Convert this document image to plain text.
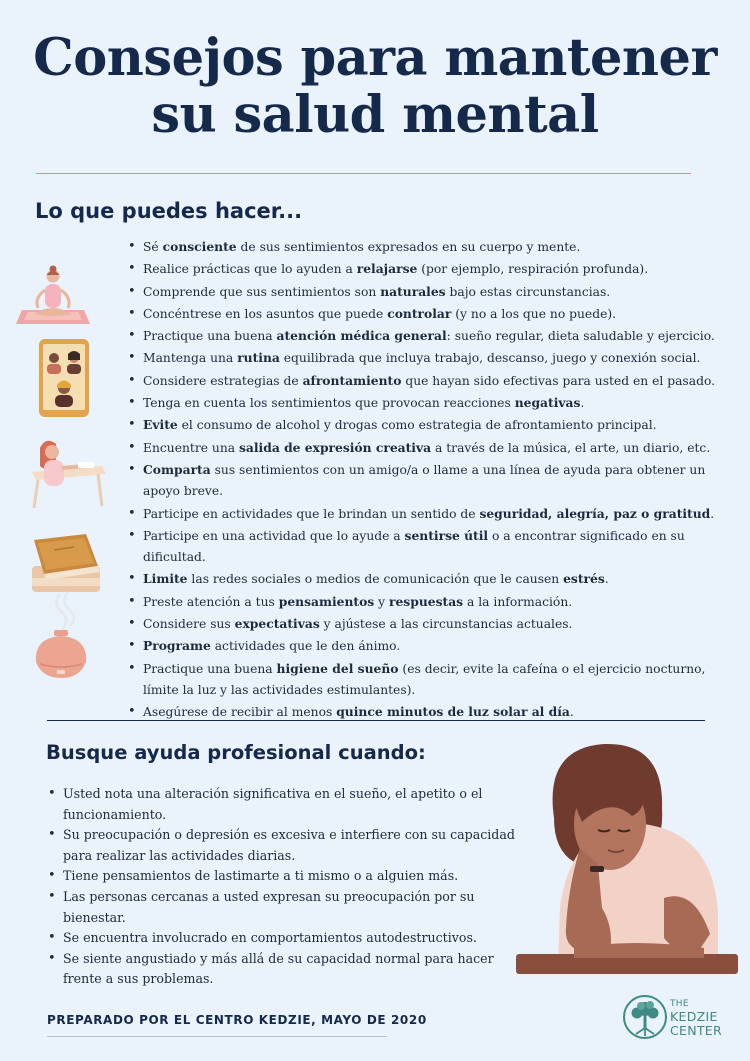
Consejos para mantener su salud mental
Lo que puedes hacer...
• Sé consciente de sus sentimientos expresados en su cuerpo y mente.
• Realice prácticas que lo ayuden a relajarse (por ejemplo, respiración profunda).
• Comprende que sus sentimientos son naturales bajo estas circunstancias.
• Concéntrese en los asuntos que puede controlar (y no a los que no puede).
• Practique una buena atención médica general: sueño regular, dieta saludable y ejercicio.
• Mantenga una rutina equilibrada que incluya trabajo, descanso, juego y conexión social.
• Considere estrategias de afrontamiento que hayan sido efectivas para usted en el pasado.
• Tenga en cuenta los sentimientos que provocan reacciones negativas.
• Evite el consumo de alcohol y drogas como estrategia de afrontamiento principal.
• Encuentre una salida de expresión creativa a través de la música, el arte, un diario, etc.
• Comparta sus sentimientos con un amigo/a o llame a una línea de ayuda para obtener un apoyo breve.
• Participe en actividades que le brindan un sentido de seguridad, alegría, paz o gratitud.
• Participe en una actividad que lo ayude a sentirse útil o a encontrar significado en su dificultad.
• Limite las redes sociales o medios de comunicación que le causen estrés.
• Preste atención a tus pensamientos y respuestas a la información.
• Considere sus expectativas y ajústese a las circunstancias actuales.
• Programe actividades que le den ánimo.
• Practique una buena higiene del sueño (es decir, evite la cafeína o el ejercicio nocturno, límite la luz y las actividades estimulantes).
• Asegúrese de recibir al menos quince minutos de luz solar al día.
Busque ayuda profesional cuando:
• Usted nota una alteración significativa en el sueño, el apetito o el funcionamiento.
• Su preocupación o depresión es excesiva e interfiere con su capacidad para realizar las actividades diarias.
• Tiene pensamientos de lastimarte a ti mismo o a alguien más.
• Las personas cercanas a usted expresan su preocupación por su bienestar.
• Se encuentra involucrado en comportamientos autodestructivos.
• Se siente angustiado y más allá de su capacidad normal para hacer frente a sus problemas.
PREPARADO POR EL CENTRO KEDZIE, MAYO DE 2020
THE
KEDZIE
CENTER
